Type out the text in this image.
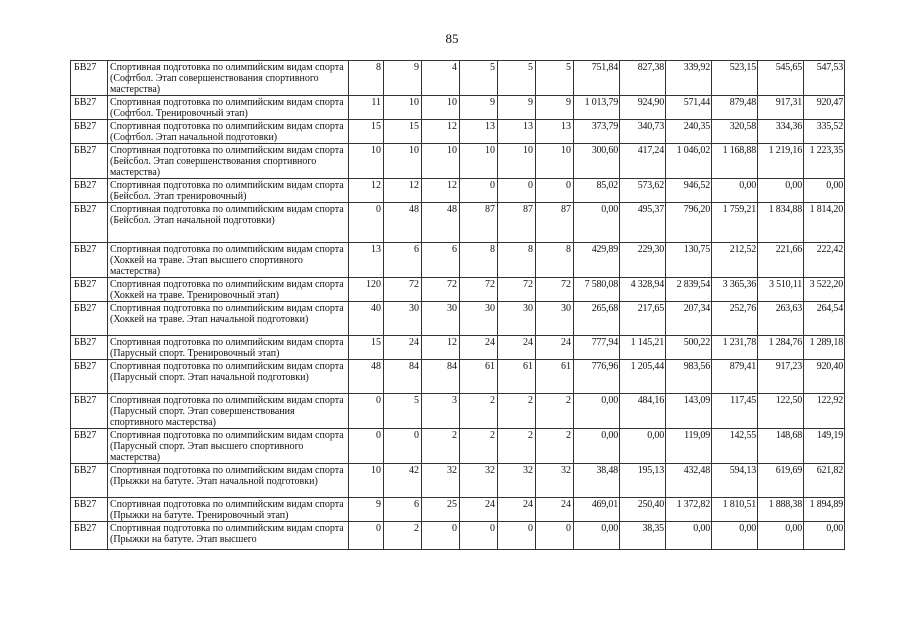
85
БВ27	Спортивная подготовка по олимпийским видам спорта (Софтбол. Этап совершенствования спортивного мастерства)	8	9	4	5	5	5	751,84	827,38	339,92	523,15	545,65	547,53
БВ27	Спортивная подготовка по олимпийским видам спорта (Софтбол. Тренировочный этап)	11	10	10	9	9	9	1 013,79	924,90	571,44	879,48	917,31	920,47
БВ27	Спортивная подготовка по олимпийским видам спорта (Софтбол. Этап начальной подготовки)	15	15	12	13	13	13	373,79	340,73	240,35	320,58	334,36	335,52
БВ27	Спортивная подготовка по олимпийским видам спорта (Бейсбол. Этап совершенствования спортивного мастерства)	10	10	10	10	10	10	300,60	417,24	1 046,02	1 168,88	1 219,16	1 223,35
БВ27	Спортивная подготовка по олимпийским видам спорта (Бейсбол. Этап тренировочный)	12	12	12	0	0	0	85,02	573,62	946,52	0,00	0,00	0,00
БВ27	Спортивная подготовка по олимпийским видам спорта (Бейсбол. Этап начальной подготовки)	0	48	48	87	87	87	0,00	495,37	796,20	1 759,21	1 834,88	1 814,20
БВ27	Спортивная подготовка по олимпийским видам спорта (Хоккей на траве. Этап высшего спортивного мастерства)	13	6	6	8	8	8	429,89	229,30	130,75	212,52	221,66	222,42
БВ27	Спортивная подготовка по олимпийским видам спорта (Хоккей на траве. Тренировочный этап)	120	72	72	72	72	72	7 580,08	4 328,94	2 839,54	3 365,36	3 510,11	3 522,20
БВ27	Спортивная подготовка по олимпийским видам спорта (Хоккей на траве. Этап начальной подготовки)	40	30	30	30	30	30	265,68	217,65	207,34	252,76	263,63	264,54
БВ27	Спортивная подготовка по олимпийским видам спорта (Парусный спорт. Тренировочный этап)	15	24	12	24	24	24	777,94	1 145,21	500,22	1 231,78	1 284,76	1 289,18
БВ27	Спортивная подготовка по олимпийским видам спорта (Парусный спорт. Этап начальной подготовки)	48	84	84	61	61	61	776,96	1 205,44	983,56	879,41	917,23	920,40
БВ27	Спортивная подготовка по олимпийским видам спорта (Парусный спорт. Этап совершенствования спортивного мастерства)	0	5	3	2	2	2	0,00	484,16	143,09	117,45	122,50	122,92
БВ27	Спортивная подготовка по олимпийским видам спорта (Парусный спорт. Этап высшего спортивного мастерства)	0	0	2	2	2	2	0,00	0,00	119,09	142,55	148,68	149,19
БВ27	Спортивная подготовка по олимпийским видам спорта (Прыжки на батуте. Этап начальной подготовки)	10	42	32	32	32	32	38,48	195,13	432,48	594,13	619,69	621,82
БВ27	Спортивная подготовка по олимпийским видам спорта (Прыжки на батуте. Тренировочный этап)	9	6	25	24	24	24	469,01	250,40	1 372,82	1 810,51	1 888,38	1 894,89
БВ27	Спортивная подготовка по олимпийским видам спорта (Прыжки на батуте. Этап высшего	0	2	0	0	0	0	0,00	38,35	0,00	0,00	0,00	0,00
